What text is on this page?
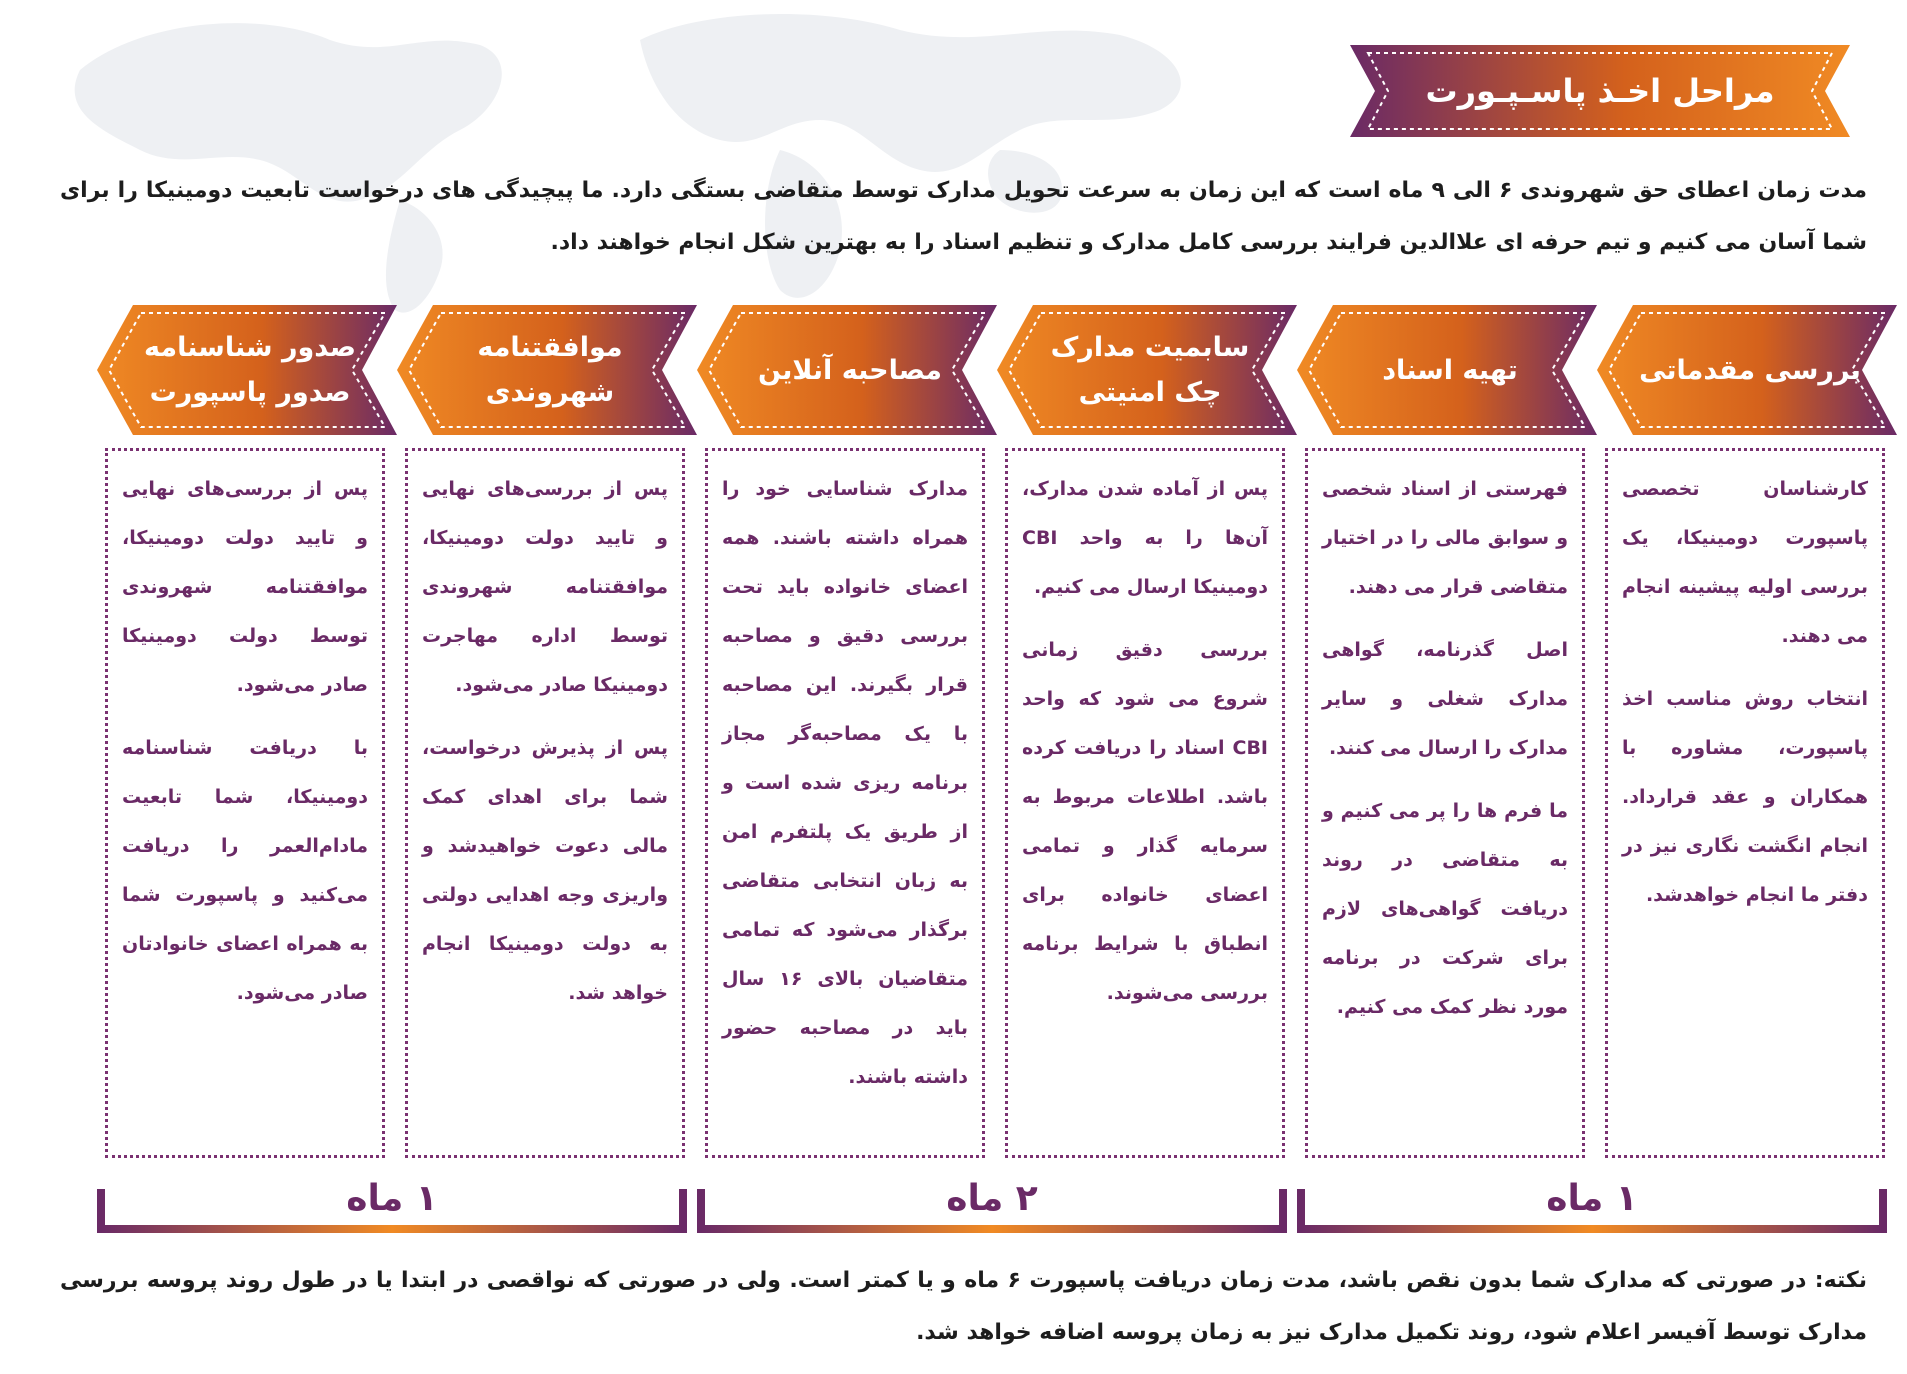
مراحل اخـذ پاسـپـورت
مدت زمان اعطای حق شهروندی ۶ الی ۹ ماه است که این زمان به سرعت تحویل مدارک توسط متقاضی بستگی دارد. ما پیچیدگی های درخواست تابعیت دومینیکا را برای شما آسان می کنیم و تیم حرفه ای علاالدین فرایند بررسی کامل مدارک و تنظیم اسناد را به بهترین شکل انجام خواهند داد.
بررسی مقدماتی

کارشناسان تخصصی پاسپورت دومینیکا، یک بررسی اولیه پیشینه انجام می دهند.

انتخاب روش مناسب اخذ پاسپورت، مشاوره با همکاران و عقد قرارداد. انجام انگشت نگاری نیز در دفتر ما انجام خواهدشد.

تهیه اسناد

فهرستی از اسناد شخصی و سوابق مالی را در اختیار متقاضی قرار می دهند.

اصل گذرنامه، گواهی مدارک شغلی و سایر مدارک را ارسال می کنند.

ما فرم ها را پر می کنیم و به متقاضی در روند دریافت گواهی‌های لازم برای شرکت در برنامه مورد نظر کمک می کنیم.

سابمیت مدارک چک امنیتی

پس از آماده شدن مدارک، آن‌ها را به واحد CBI دومینیکا ارسال می کنیم.

بررسی دقیق زمانی شروع می شود که واحد CBI اسناد را دریافت کرده باشد. اطلاعات مربوط به سرمایه گذار و تمامی اعضای خانواده برای انطباق با شرایط برنامه بررسی می‌شوند.

مصاحبه آنلاین

مدارک شناسایی خود را همراه داشته باشند. همه اعضای خانواده باید تحت بررسی دقیق و مصاحبه قرار بگیرند. این مصاحبه با یک مصاحبه‌گر مجاز برنامه ریزی شده است و از طریق یک پلتفرم امن به زبان انتخابی متقاضی برگذار می‌شود که تمامی متقاضیان بالای ۱۶ سال باید در مصاحبه حضور داشته باشند.

موافقتنامه شهروندی

پس از بررسی‌های نهایی و تایید دولت دومینیکا، موافقتنامه شهروندی توسط اداره مهاجرت دومینیکا صادر می‌شود.

پس از پذیرش درخواست، شما برای اهدای کمک مالی دعوت خواهیدشد و واریزی وجه اهدایی دولتی به دولت دومینیکا انجام خواهد شد.

صدور شناسنامه صدور پاسپورت

پس از بررسی‌های نهایی و تایید دولت دومینیکا، موافقتنامه شهروندی توسط دولت دومینیکا صادر می‌شود.

با دریافت شناسنامه دومینیکا، شما تابعیت مادام‌العمر را دریافت می‌کنید و پاسپورت شما به همراه اعضای خانوادتان صادر می‌شود.

۱ ماه
۲ ماه
۱ ماه
نکته: در صورتی که مدارک شما بدون نقص باشد، مدت زمان دریافت پاسپورت ۶ ماه و یا کمتر است. ولی در صورتی که نواقصی در ابتدا یا در طول روند پروسه بررسی مدارک توسط آفیسر اعلام شود، روند تکمیل مدارک نیز به زمان پروسه اضافه خواهد شد.
